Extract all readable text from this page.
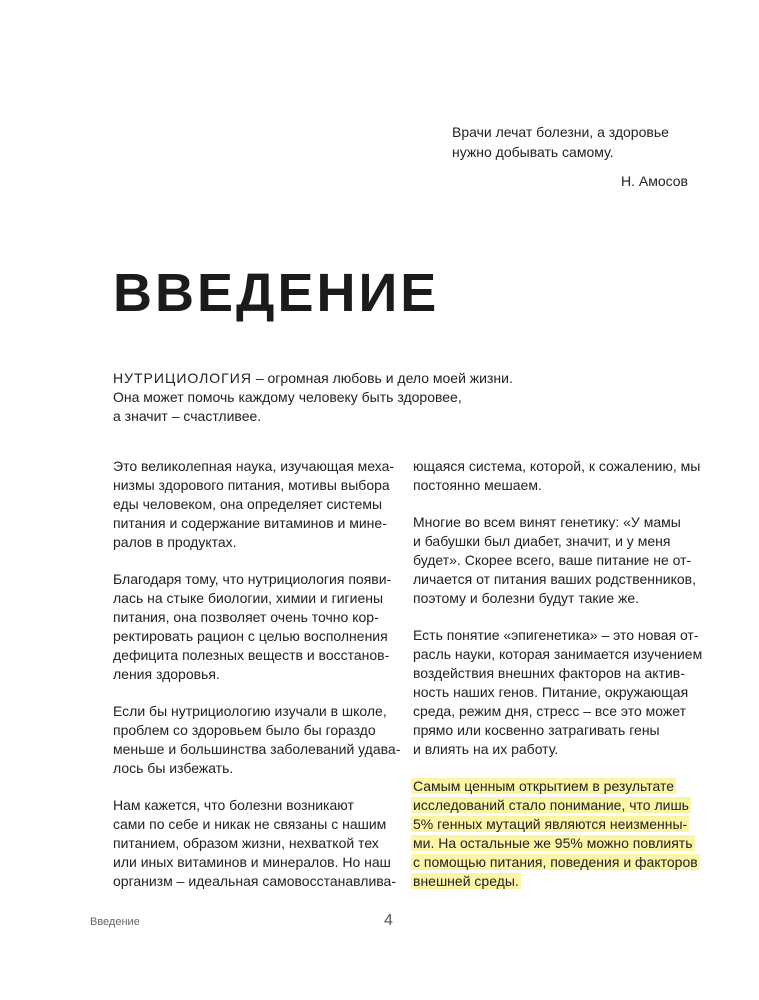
Врачи лечат болезни, а здоровье
нужно добывать самому.
Н. Амосов
ВВЕДЕНИЕ
НУТРИЦИОЛОГИЯ – огромная любовь и дело моей жизни.
Она может помочь каждому человеку быть здоровее,
а значит – счастливее.
Это великолепная наука, изучающая меха-
низмы здорового питания, мотивы выбора
еды человеком, она определяет системы
питания и содержание витаминов и мине-
ралов в продуктах.
Благодаря тому, что нутрициология появи-
лась на стыке биологии, химии и гигиены
питания, она позволяет очень точно кор-
ректировать рацион с целью восполнения
дефицита полезных веществ и восстанов-
ления здоровья.
Если бы нутрициологию изучали в школе,
проблем со здоровьем было бы гораздо
меньше и большинства заболеваний удава-
лось бы избежать.
Нам кажется, что болезни возникают
сами по себе и никак не связаны с нашим
питанием, образом жизни, нехваткой тех
или иных витаминов и минералов. Но наш
организм – идеальная самовосстанавлива-
ющаяся система, которой, к сожалению, мы
постоянно мешаем.
Многие во всем винят генетику: «У мамы
и бабушки был диабет, значит, и у меня
будет». Скорее всего, ваше питание не от-
личается от питания ваших родственников,
поэтому и болезни будут такие же.
Есть понятие «эпигенетика» – это новая от-
расль науки, которая занимается изучением
воздействия внешних факторов на актив-
ность наших генов. Питание, окружающая
среда, режим дня, стресс – все это может
прямо или косвенно затрагивать гены
и влиять на их работу.
Самым ценным открытием в результате
исследований стало понимание, что лишь
5% генных мутаций являются неизменны-
ми. На остальные же 95% можно повлиять
с помощью питания, поведения и факторов
внешней среды.
Введение	4
